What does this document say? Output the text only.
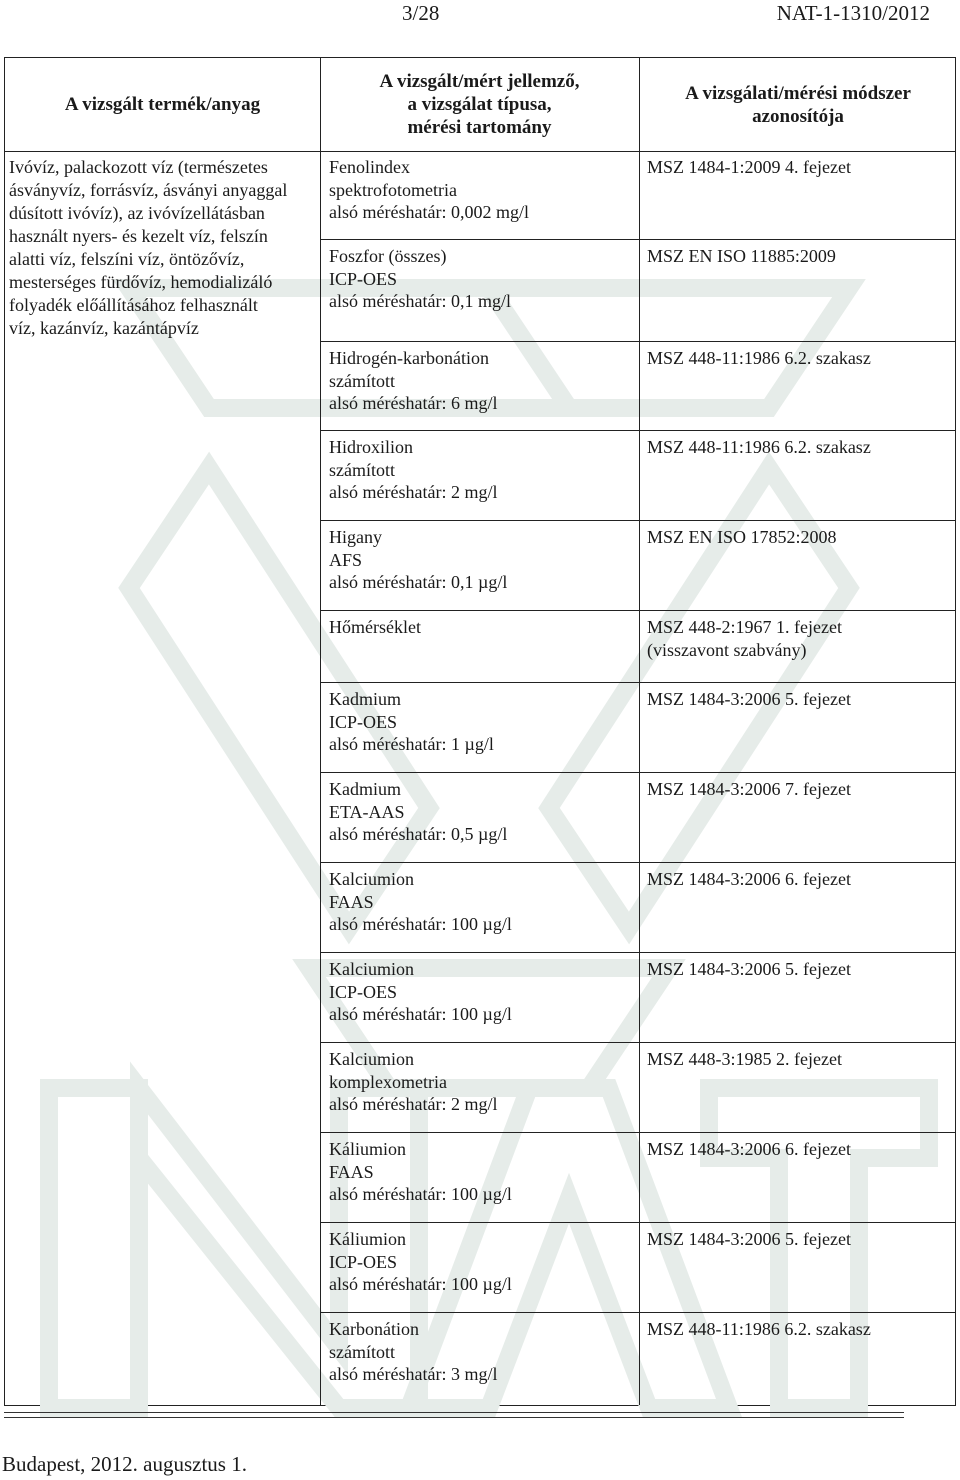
3/28	NAT-1-1310/2012
A vizsgált termék/anyag
A vizsgált/mért jellemző,
a vizsgálat típusa,
mérési tartomány
A vizsgálati/mérési módszer
azonosítója
Ivóvíz, palackozott víz (természetes
ásványvíz, forrásvíz, ásványi anyaggal
dúsított ivóvíz), az ivóvízellátásban
használt nyers- és kezelt víz, felszín
alatti víz, felszíni víz, öntözővíz,
mesterséges fürdővíz, hemodializáló
folyadék előállításához felhasznált
víz, kazánvíz, kazántápvíz
Fenolindex
spektrofotometria
alsó méréshatár: 0,002 mg/l
MSZ 1484-1:2009 4. fejezet
Foszfor (összes)
ICP-OES
alsó méréshatár: 0,1 mg/l
MSZ EN ISO 11885:2009
Hidrogén-karbonátion
számított
alsó méréshatár: 6 mg/l
MSZ 448-11:1986 6.2. szakasz
Hidroxilion
számított
alsó méréshatár: 2 mg/l
MSZ 448-11:1986 6.2. szakasz
Higany
AFS
alsó méréshatár: 0,1 µg/l
MSZ EN ISO 17852:2008
Hőmérséklet	MSZ 448-2:1967 1. fejezet
(visszavont szabvány)
Kadmium
ICP-OES
alsó méréshatár: 1 µg/l
MSZ 1484-3:2006 5. fejezet
Kadmium
ETA-AAS
alsó méréshatár: 0,5 µg/l
MSZ 1484-3:2006 7. fejezet
Kalciumion
FAAS
alsó méréshatár: 100 µg/l
MSZ 1484-3:2006 6. fejezet
Kalciumion
ICP-OES
alsó méréshatár: 100 µg/l
MSZ 1484-3:2006 5. fejezet
Kalciumion
komplexometria
alsó méréshatár: 2 mg/l
MSZ 448-3:1985 2. fejezet
Káliumion
FAAS
alsó méréshatár: 100 µg/l
MSZ 1484-3:2006 6. fejezet
Káliumion
ICP-OES
alsó méréshatár: 100 µg/l
MSZ 1484-3:2006 5. fejezet
Karbonátion
számított
alsó méréshatár: 3 mg/l
MSZ 448-11:1986 6.2. szakasz
Budapest, 2012. augusztus 1.
